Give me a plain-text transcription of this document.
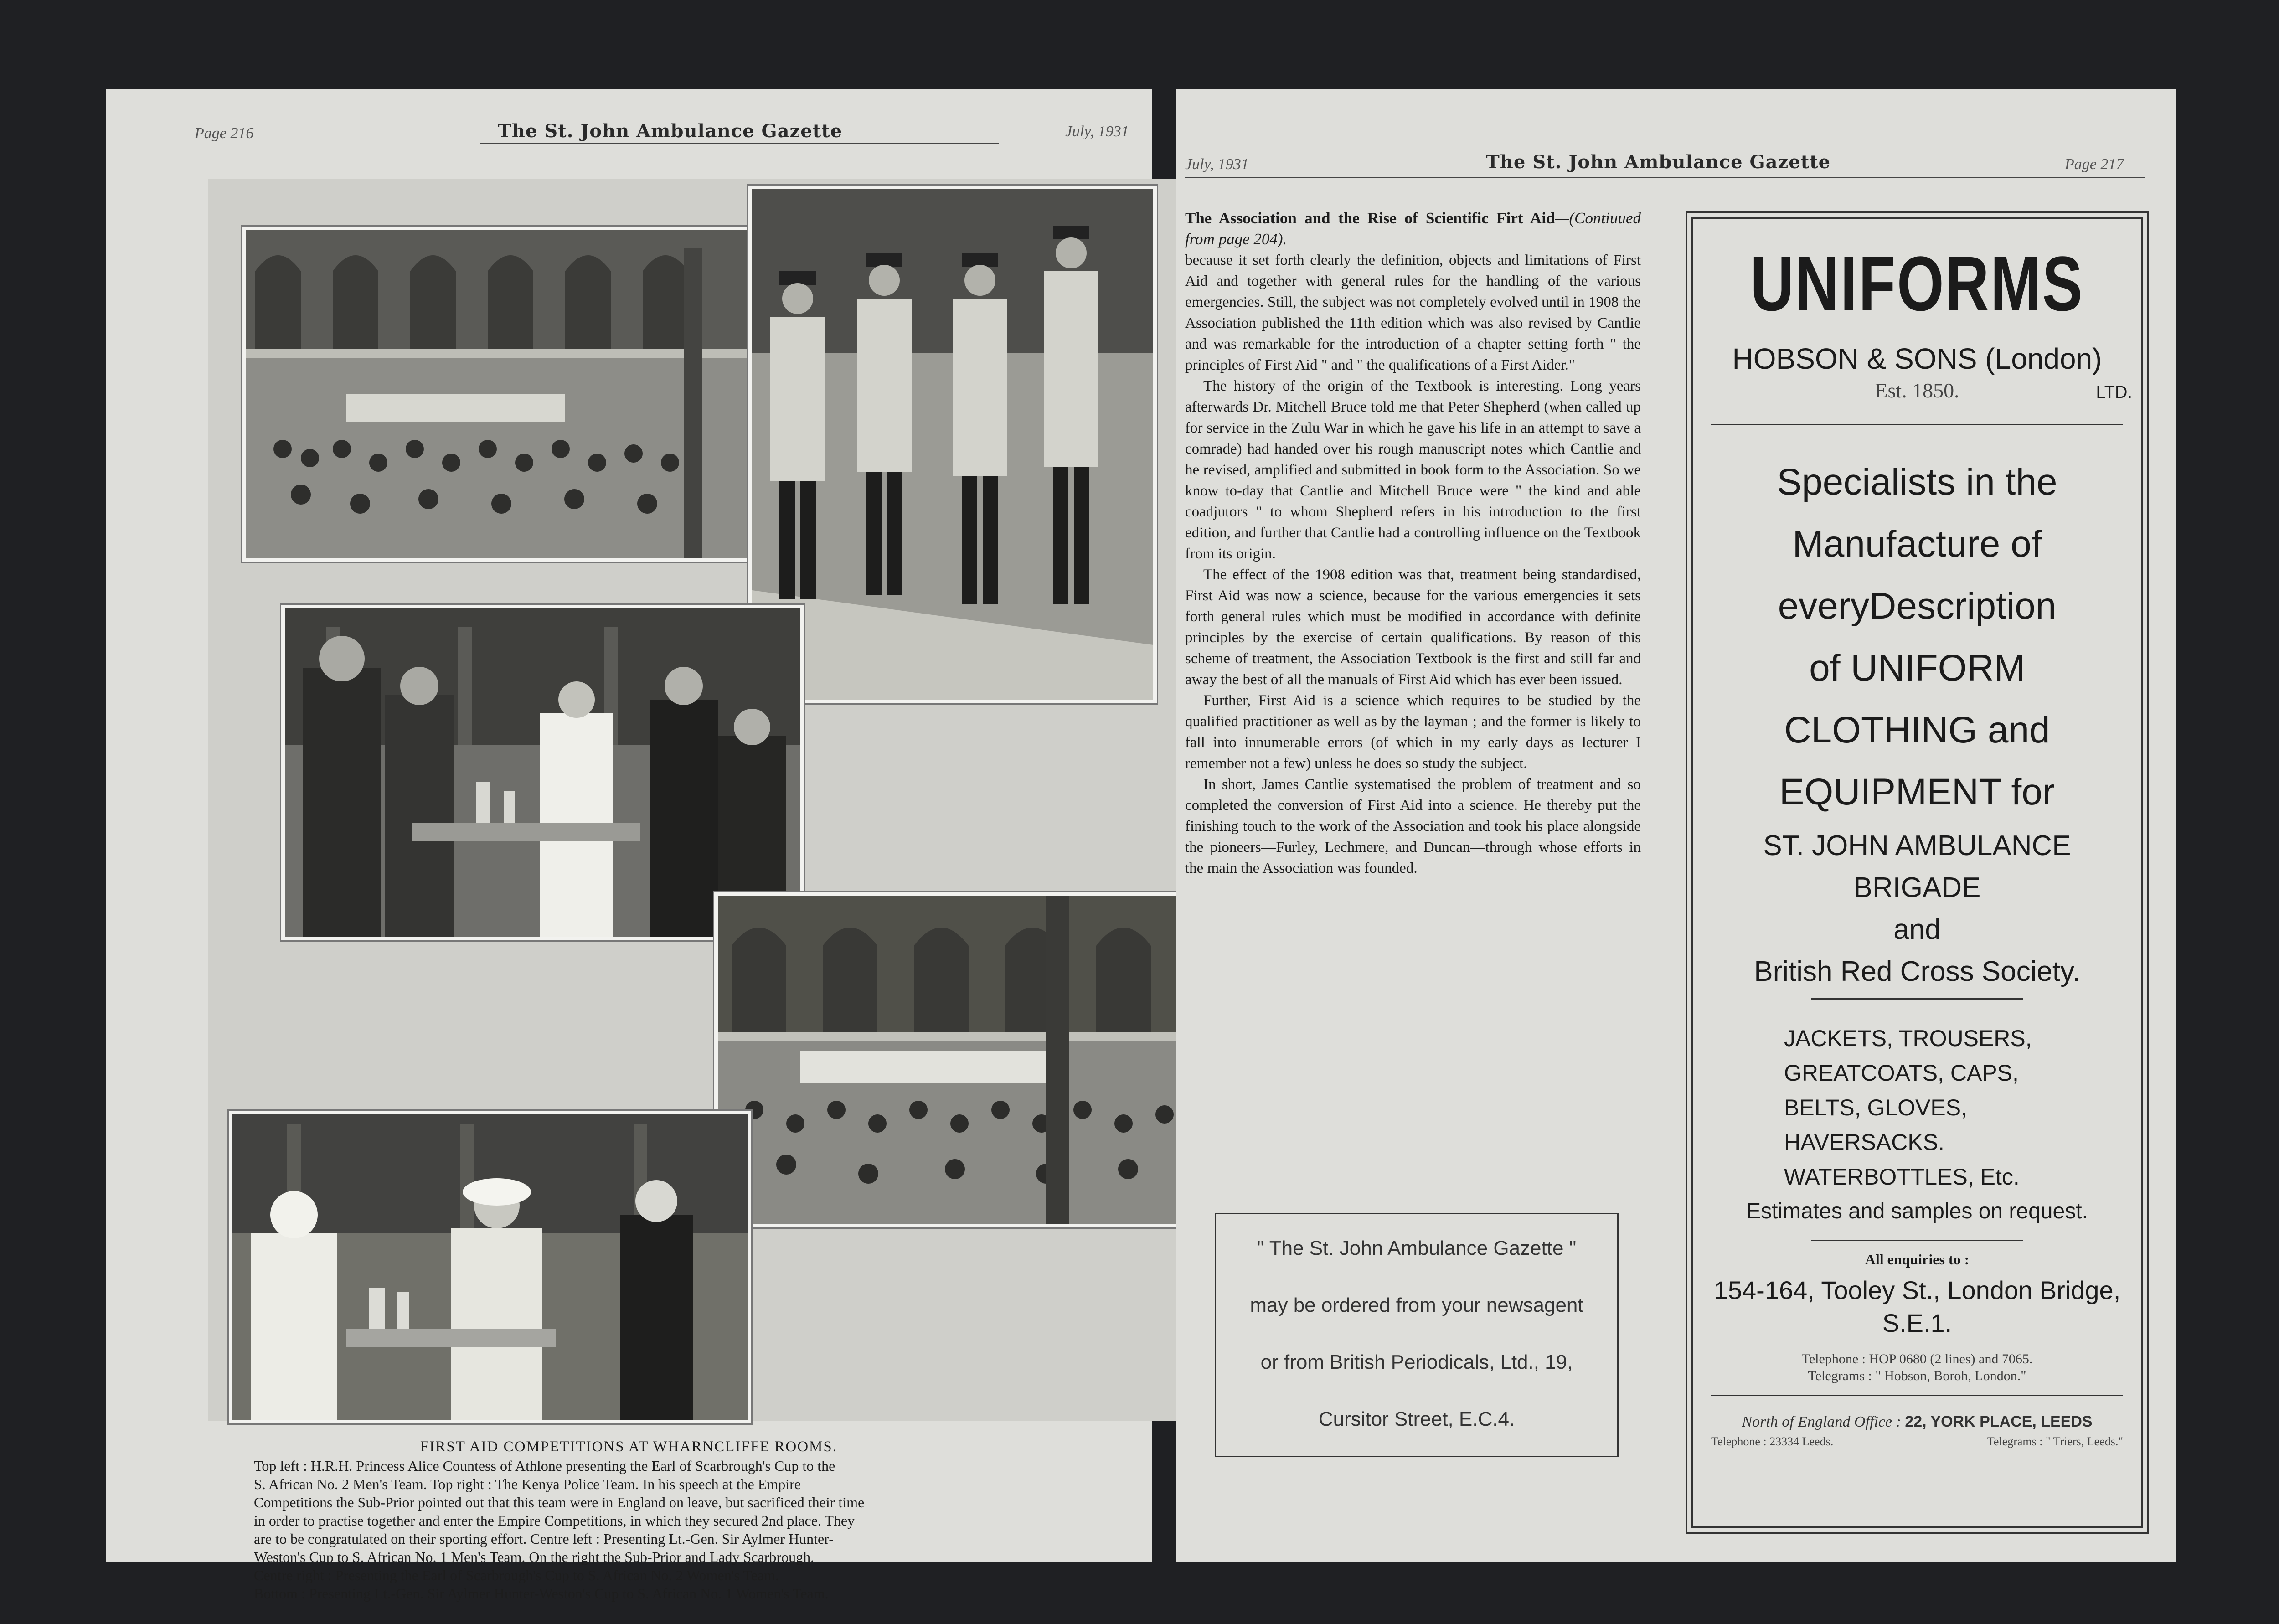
Page 216	The St. John Ambulance Gazette	July, 1931
FIRST AID COMPETITIONS AT WHARNCLIFFE ROOMS.
Top left : H.R.H. Princess Alice Countess of Athlone presenting the Earl of Scarbrough's Cup to the
S. African No. 2 Men's Team. Top right : The Kenya Police Team. In his speech at the Empire
Competitions the Sub-Prior pointed out that this team were in England on leave, but sacrificed their time
in order to practise together and enter the Empire Competitions, in which they secured 2nd place. They
are to be congratulated on their sporting effort. Centre left : Presenting Lt.-Gen. Sir Aylmer Hunter-
Weston's Cup to S. African No. 1 Men's Team. On the right the Sub-Prior and Lady Scarbrough.
Centre right : Presenting the Earl of Scarbrough's Cup to S. African No. 2 Women's Team.
Bottom : Presenting Lt.-Gen. Sir Aylmer Hunter-Weston's Cup to S. African No. 1 Women's Team.
July, 1931	The St. John Ambulance Gazette	Page 217
The Association and the Rise of Scientific Firt Aid—(Contiuued from page 204).

because it set forth clearly the definition, objects and limitations of First Aid and together with general rules for the handling of the various emergencies. Still, the subject was not completely evolved until in 1908 the Association published the 11th edition which was also revised by Cantlie and was remarkable for the introduction of a chapter setting forth " the principles of First Aid " and " the qualifications of a First Aider."

The history of the origin of the Textbook is interesting. Long years afterwards Dr. Mitchell Bruce told me that Peter Shepherd (when called up for service in the Zulu War in which he gave his life in an attempt to save a comrade) had handed over his rough manuscript notes which Cantlie and he revised, amplified and submitted in book form to the Association. So we know to-day that Cantlie and Mitchell Bruce were " the kind and able coadjutors " to whom Shepherd refers in his introduction to the first edition, and further that Cantlie had a controlling influence on the Textbook from its origin.

The effect of the 1908 edition was that, treatment being standardised, First Aid was now a science, because for the various emergencies it sets forth general rules which must be modified in accordance with definite principles by the exercise of certain qualifications. By reason of this scheme of treatment, the Association Textbook is the first and still far and away the best of all the manuals of First Aid which has ever been issued.

Further, First Aid is a science which requires to be studied by the qualified practitioner as well as by the layman ; and the former is likely to fall into innumerable errors (of which in my early days as lecturer I remember not a few) unless he does so study the subject.

In short, James Cantlie systematised the problem of treatment and so completed the conversion of First Aid into a science. He thereby put the finishing touch to the work of the Association and took his place alongside the pioneers—Furley, Lechmere, and Duncan—through whose efforts in the main the Association was founded.

" The St. John Ambulance Gazette "
may be ordered from your newsagent
or from British Periodicals, Ltd., 19,
Cursitor Street, E.C.4.
UNIFORMS
HOBSON & SONS (London)
Est. 1850.	LTD.
Specialists in the
Manufacture of
everyDescription
of UNIFORM
CLOTHING and
EQUIPMENT for
ST. JOHN AMBULANCE
BRIGADE
and
British Red Cross Society.
JACKETS, TROUSERS,
GREATCOATS, CAPS,
BELTS, GLOVES,
HAVERSACKS.
WATERBOTTLES, Etc.
Estimates and samples on request.
All enquiries to :
154-164, Tooley St., London Bridge,
S.E.1.
Telephone : HOP 0680 (2 lines) and 7065.
Telegrams : " Hobson, Boroh, London."
North of England Office : 22, YORK PLACE, LEEDS
Telephone : 23334 Leeds.	Telegrams : " Triers, Leeds."
